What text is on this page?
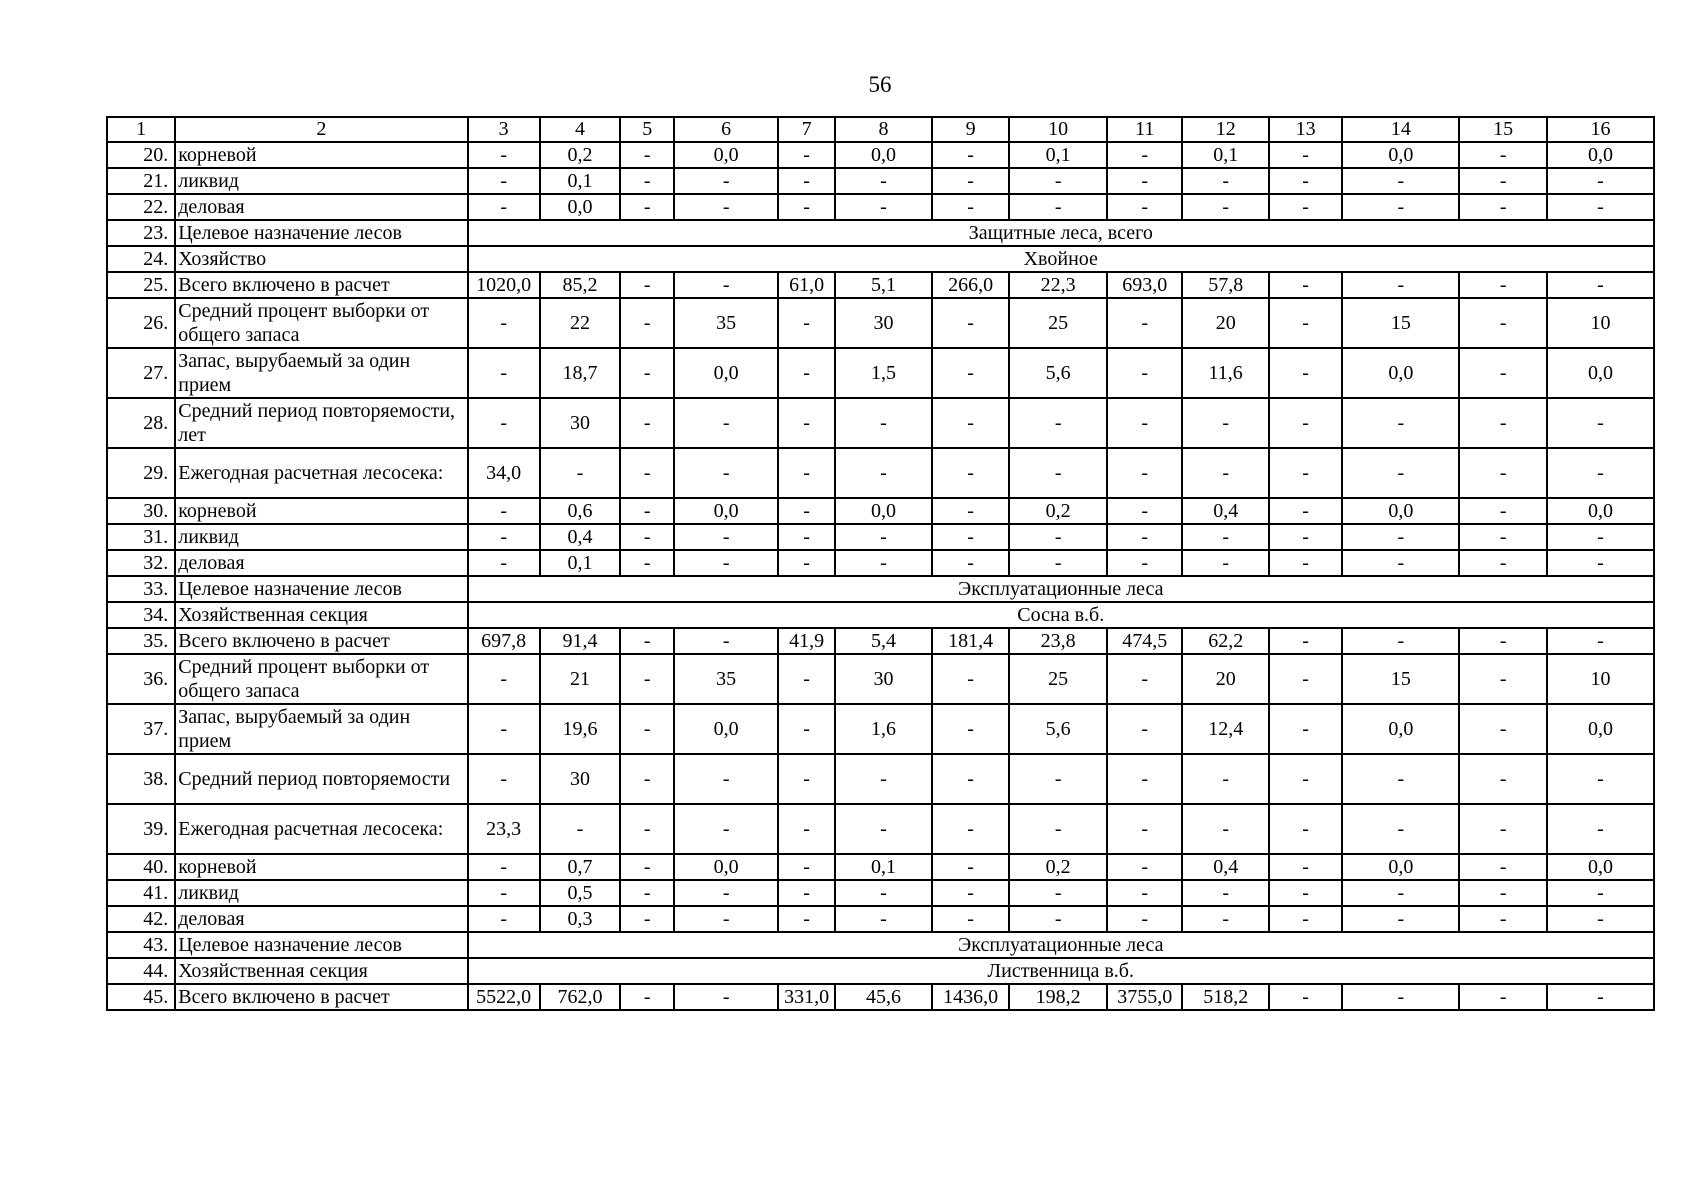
56
1	2	3	4	5	6	7	8	9	10	11	12	13	14	15	16
20.	корневой	-	0,2	-	0,0	-	0,0	-	0,1	-	0,1	-	0,0	-	0,0
21.	ликвид	-	0,1	-	-	-	-	-	-	-	-	-	-	-	-
22.	деловая	-	0,0	-	-	-	-	-	-	-	-	-	-	-	-
23.	Целевое назначение лесов	Защитные леса, всего													
24.	Хозяйство	Хвойное													
25.	Всего включено в расчет	1020,0	85,2	-	-	61,0	5,1	266,0	22,3	693,0	57,8	-	-	-	-
26.	Средний процент выборки от общего запаса	-	22	-	35	-	30	-	25	-	20	-	15	-	10
27.	Запас, вырубаемый за один прием	-	18,7	-	0,0	-	1,5	-	5,6	-	11,6	-	0,0	-	0,0
28.	Средний период повторяемости, лет	-	30	-	-	-	-	-	-	-	-	-	-	-	-
29.	Ежегодная расчетная лесосека:	34,0	-	-	-	-	-	-	-	-	-	-	-	-	-
30.	корневой	-	0,6	-	0,0	-	0,0	-	0,2	-	0,4	-	0,0	-	0,0
31.	ликвид	-	0,4	-	-	-	-	-	-	-	-	-	-	-	-
32.	деловая	-	0,1	-	-	-	-	-	-	-	-	-	-	-	-
33.	Целевое назначение лесов	Эксплуатационные леса													
34.	Хозяйственная секция	Сосна в.б.													
35.	Всего включено в расчет	697,8	91,4	-	-	41,9	5,4	181,4	23,8	474,5	62,2	-	-	-	-
36.	Средний процент выборки от общего запаса	-	21	-	35	-	30	-	25	-	20	-	15	-	10
37.	Запас, вырубаемый за один прием	-	19,6	-	0,0	-	1,6	-	5,6	-	12,4	-	0,0	-	0,0
38.	Средний период повторяемости	-	30	-	-	-	-	-	-	-	-	-	-	-	-
39.	Ежегодная расчетная лесосека:	23,3	-	-	-	-	-	-	-	-	-	-	-	-	-
40.	корневой	-	0,7	-	0,0	-	0,1	-	0,2	-	0,4	-	0,0	-	0,0
41.	ликвид	-	0,5	-	-	-	-	-	-	-	-	-	-	-	-
42.	деловая	-	0,3	-	-	-	-	-	-	-	-	-	-	-	-
43.	Целевое назначение лесов	Эксплуатационные леса													
44.	Хозяйственная секция	Лиственница в.б.													
45.	Всего включено в расчет	5522,0	762,0	-	-	331,0	45,6	1436,0	198,2	3755,0	518,2	-	-	-	-
